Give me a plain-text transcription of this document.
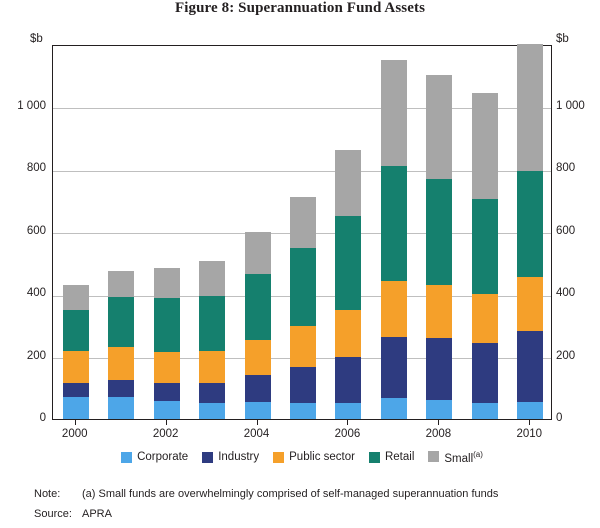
Figure 8: Superannuation Fund Assets
$b	$b
Corporate	Industry	Public sector	Retail	Small$^{(a)}$
Note: (a) Small funds are overwhelmingly comprised of self-managed superannuation funds
Source: APRA
0	0
200	200
400	400
600	600
800	800
1 000	1 000
2000	2002	2004	2006	2008	2010
